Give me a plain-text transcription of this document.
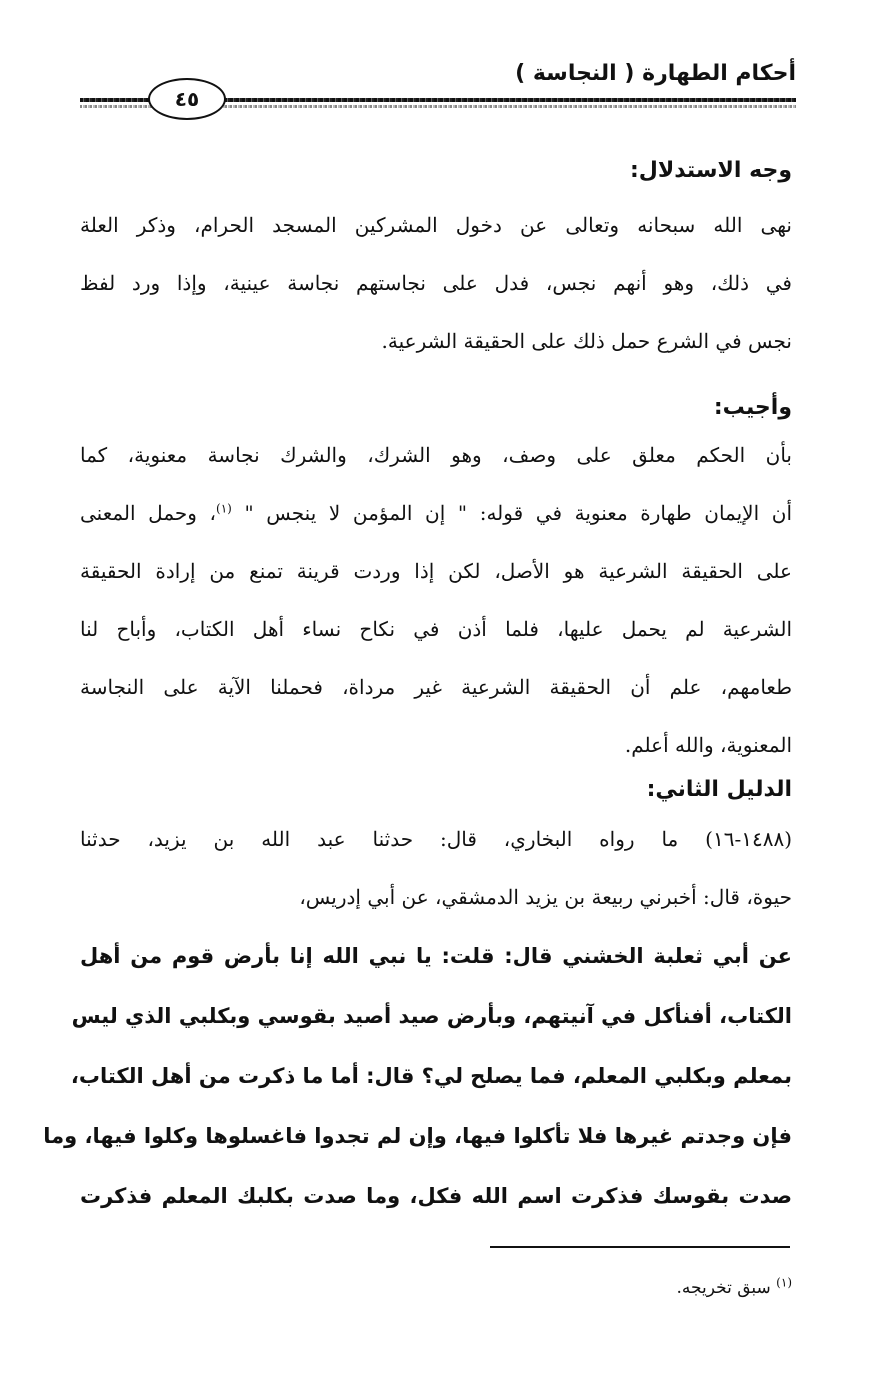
أحكام الطهارة ( النجاسة )
٤٥
وجه الاستدلال:
نهى الله سبحانه وتعالى عن دخول المشركين المسجد الحرام، وذكر العلة
في ذلك، وهو أنهم نجس، فدل على نجاستهم نجاسة عينية، وإذا ورد لفظ
نجس في الشرع حمل ذلك على الحقيقة الشرعية.
وأجيب:
بأن الحكم معلق على وصف، وهو الشرك، والشرك نجاسة معنوية، كما
أن الإيمان طهارة معنوية في قوله: " إن المؤمن لا ينجس " $^{(١)}$، وحمل المعنى
على الحقيقة الشرعية هو الأصل، لكن إذا وردت قرينة تمنع من إرادة الحقيقة
الشرعية لم يحمل عليها، فلما أذن في نكاح نساء أهل الكتاب، وأباح لنا
طعامهم، علم أن الحقيقة الشرعية غير مرداة، فحملنا الآية على النجاسة
المعنوية، والله أعلم.
الدليل الثاني:
(١٤٨٨-١٦) ما رواه البخاري، قال: حدثنا عبد الله بن يزيد، حدثنا
حيوة، قال: أخبرني ربيعة بن يزيد الدمشقي، عن أبي إدريس،
عن أبي ثعلبة الخشني قال: قلت: يا نبي الله إنا بأرض قوم من أهل
الكتاب، أفنأكل في آنيتهم، وبأرض صيد أصيد بقوسي وبكلبي الذي ليس
بمعلم وبكلبي المعلم، فما يصلح لي؟ قال: أما ما ذكرت من أهل الكتاب،
فإن وجدتم غيرها فلا تأكلوا فيها، وإن لم تجدوا فاغسلوها وكلوا فيها، وما
صدت بقوسك فذكرت اسم الله فكل، وما صدت بكلبك المعلم فذكرت
$^{(١)}$ سبق تخريجه.
